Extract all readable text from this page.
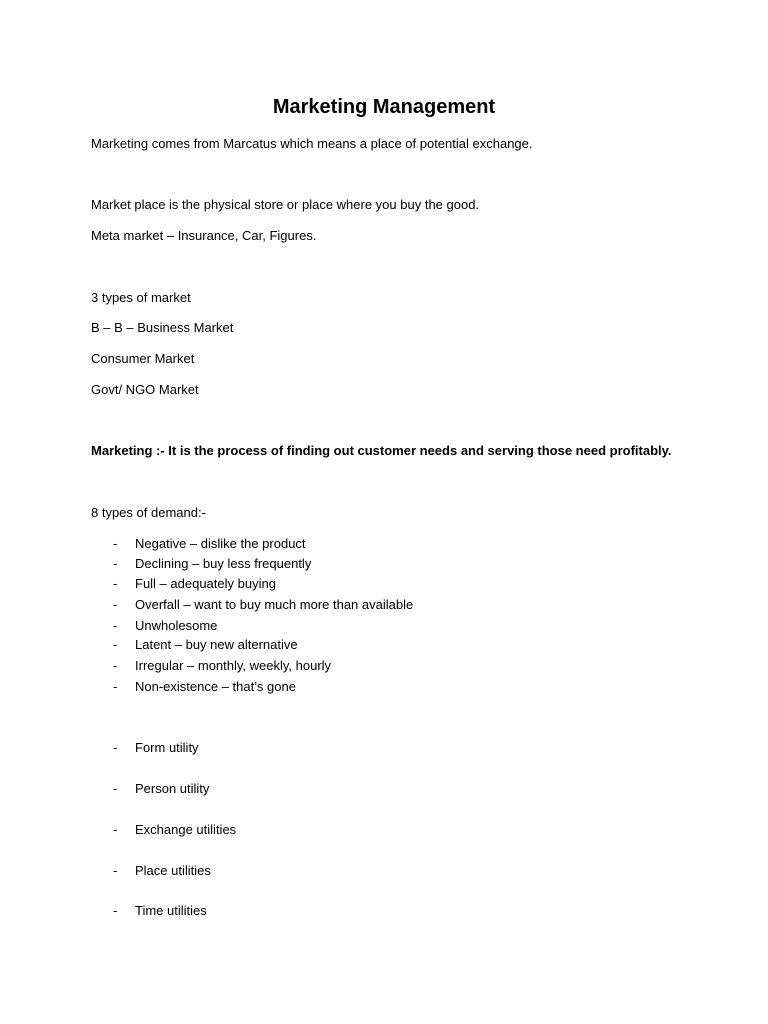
Marketing Management
Marketing comes from Marcatus which means a place of potential exchange.
Market place is the physical store or place where you buy the good.
Meta market – Insurance, Car, Figures.
3 types of market
B – B – Business Market
Consumer Market
Govt/ NGO Market
Marketing :- It is the process of finding out customer needs and serving those need profitably.
8 types of demand:-
- Negative – dislike the product
- Declining – buy less frequently
- Full – adequately buying
- Overfall – want to buy much more than available
- Unwholesome
- Latent – buy new alternative
- Irregular – monthly, weekly, hourly
- Non-existence – that’s gone
- Form utility
- Person utility
- Exchange utilities
- Place utilities
- Time utilities
